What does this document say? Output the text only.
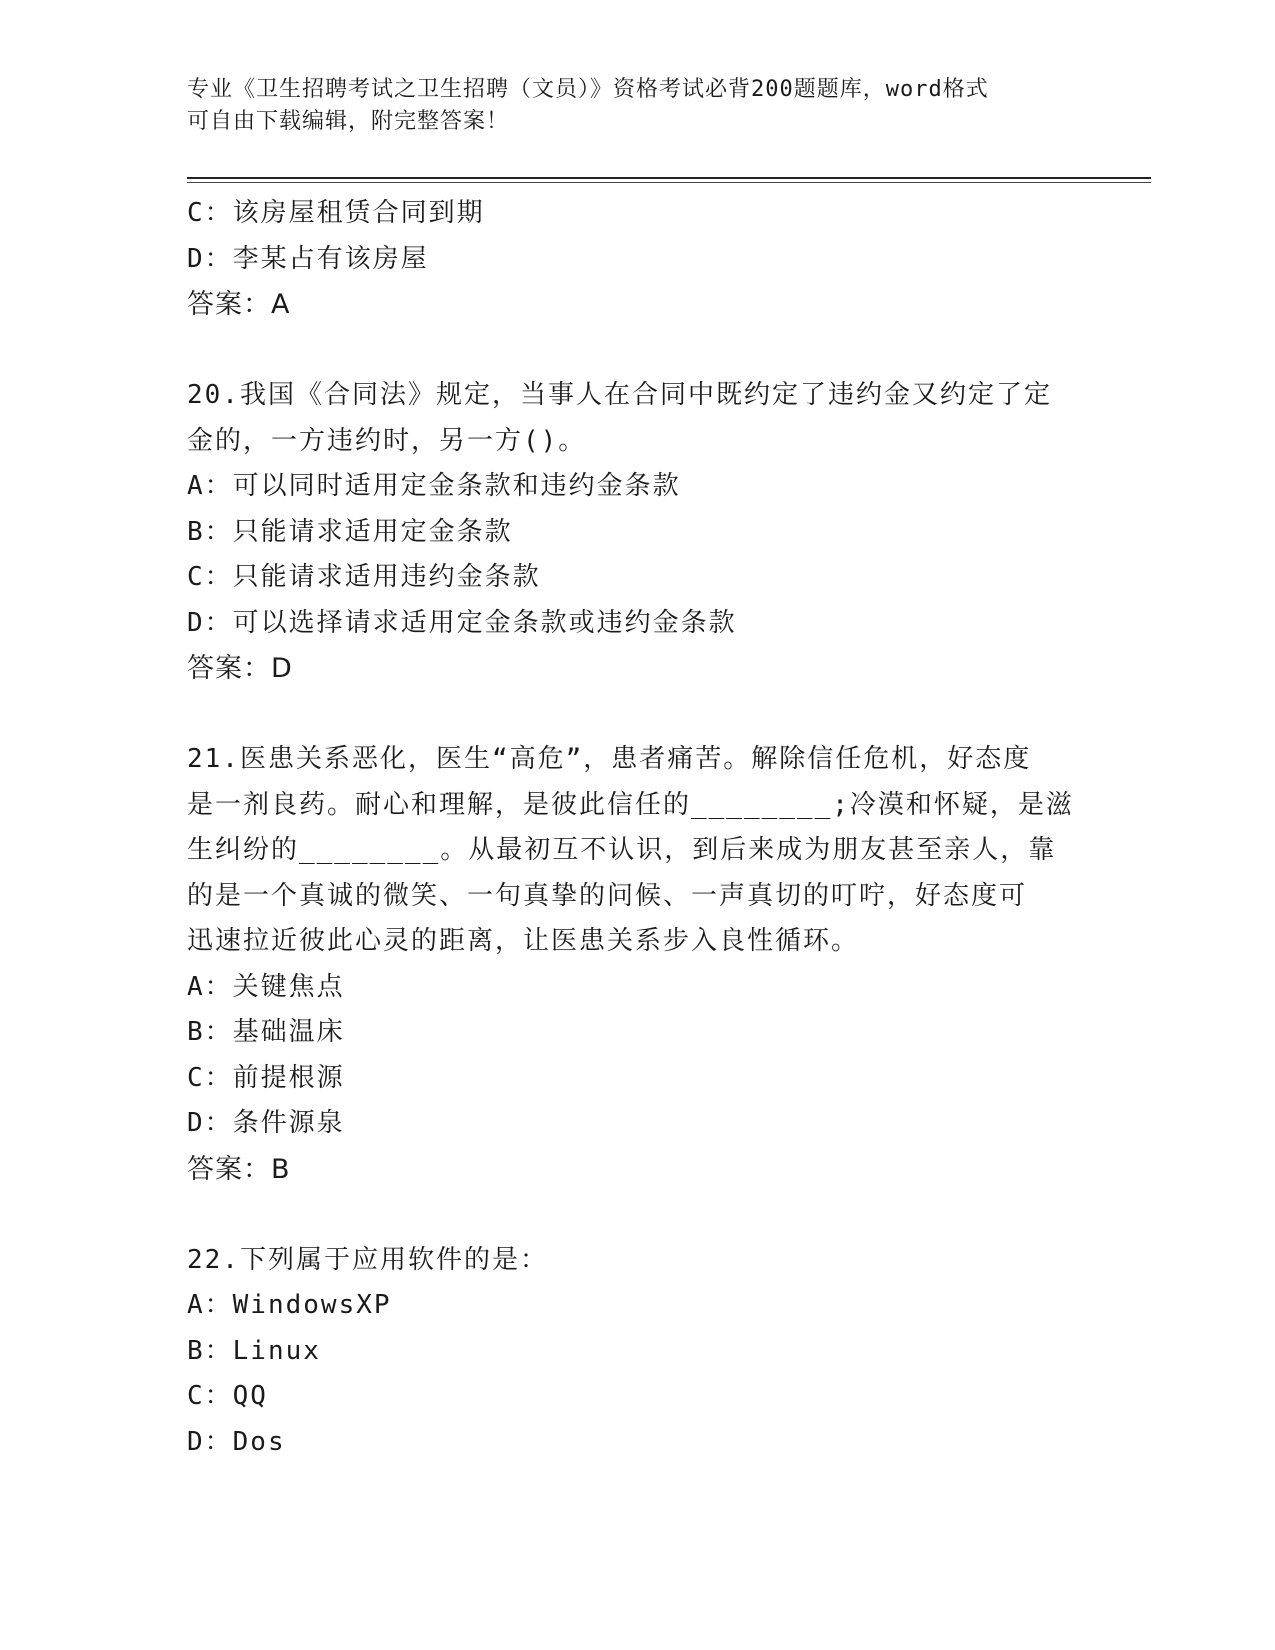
专业《卫生招聘考试之卫生招聘（文员）》资格考试必背200题题库，word格式
可自由下载编辑，附完整答案！
C：该房屋租赁合同到期
D：李某占有该房屋
答案：A
20.我国《合同法》规定，当事人在合同中既约定了违约金又约定了定
金的，一方违约时，另一方()。
A：可以同时适用定金条款和违约金条款
B：只能请求适用定金条款
C：只能请求适用违约金条款
D：可以选择请求适用定金条款或违约金条款
答案：D
21.医患关系恶化，医生“高危”，患者痛苦。解除信任危机，好态度
是一剂良药。耐心和理解，是彼此信任的________;冷漠和怀疑，是滋
生纠纷的________。从最初互不认识，到后来成为朋友甚至亲人，靠
的是一个真诚的微笑、一句真挚的问候、一声真切的叮咛，好态度可
迅速拉近彼此心灵的距离，让医患关系步入良性循环。
A：关键焦点
B：基础温床
C：前提根源
D：条件源泉
答案：B
22.下列属于应用软件的是：
A：WindowsXP
B：Linux
C：QQ
D：Dos
